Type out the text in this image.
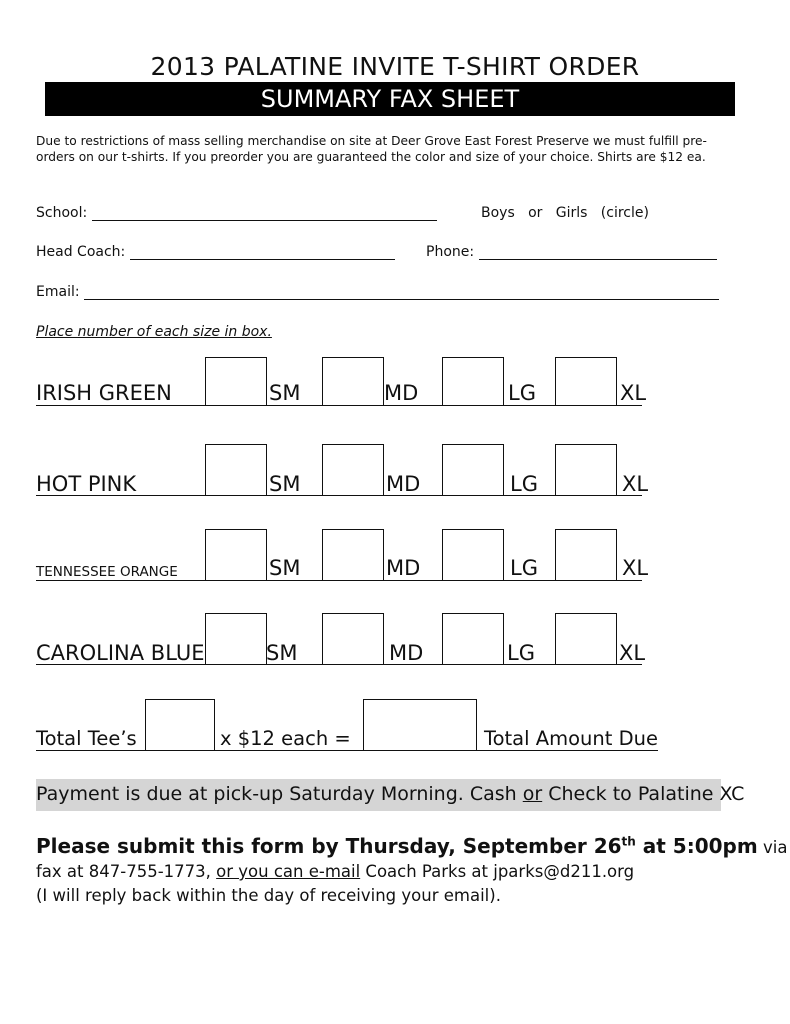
2013 PALATINE INVITE T-SHIRT ORDER
SUMMARY FAX SHEET
Due to restrictions of mass selling merchandise on site at Deer Grove East Forest Preserve we must fulfill pre-orders on our t-shirts. If you preorder you are guaranteed the color and size of your choice. Shirts are $12 ea.
School:	Boys   or   Girls   (circle)
Head Coach:	Phone:
Email:
Place number of each size in box.
IRISH GREEN	SM	MD	LG	XL
HOT PINK	SM	MD	LG	XL
TENNESSEE ORANGE	SM	MD	LG	XL
CAROLINA BLUE	SM	MD	LG	XL
Total Tee’s	x $12 each =	Total Amount Due
Payment is due at pick-up Saturday Morning. Cash or Check to Palatine XC
Please submit this form by Thursday, September 26th at 5:00pm via
fax at 847-755-1773, or you can e-mail Coach Parks at jparks@d211.org
(I will reply back within the day of receiving your email).
